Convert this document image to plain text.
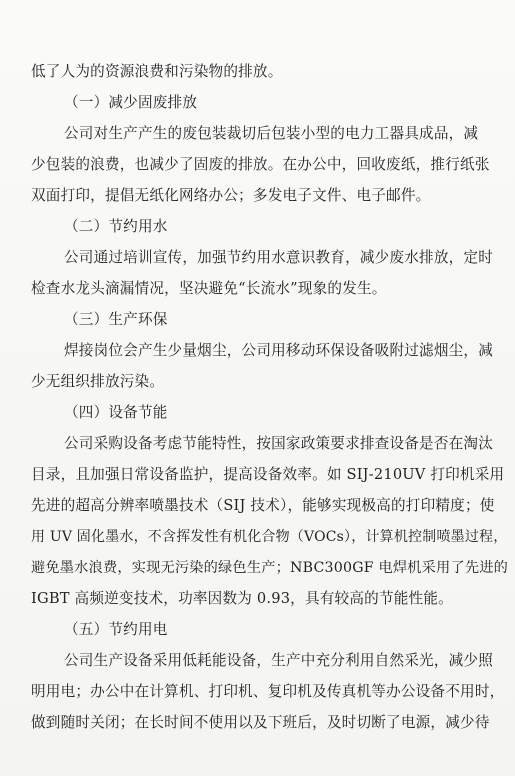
低了人为的资源浪费和污染物的排放。
（一）减少固废排放
公司对生产产生的废包装裁切后包装小型的电力工器具成品，减
少包装的浪费，也减少了固废的排放。在办公中，回收废纸，推行纸张
双面打印，提倡无纸化网络办公；多发电子文件、电子邮件。
（二）节约用水
公司通过培训宣传，加强节约用水意识教育，减少废水排放，定时
检查水龙头滴漏情况，坚决避免“长流水”现象的发生。
（三）生产环保
焊接岗位会产生少量烟尘，公司用移动环保设备吸附过滤烟尘，减
少无组织排放污染。
（四）设备节能
公司采购设备考虑节能特性，按国家政策要求排查设备是否在淘汰
目录，且加强日常设备监护，提高设备效率。如 SIJ-210UV 打印机采用
先进的超高分辨率喷墨技术（SIJ 技术），能够实现极高的打印精度；使
用 UV 固化墨水，不含挥发性有机化合物（VOCs），计算机控制喷墨过程，
避免墨水浪费，实现无污染的绿色生产；NBC300GF 电焊机采用了先进的
IGBT 高频逆变技术，功率因数为 0.93，具有较高的节能性能。
（五）节约用电
公司生产设备采用低耗能设备，生产中充分利用自然采光，减少照
明用电；办公中在计算机、打印机、复印机及传真机等办公设备不用时，
做到随时关闭；在长时间不使用以及下班后，及时切断了电源，减少待
